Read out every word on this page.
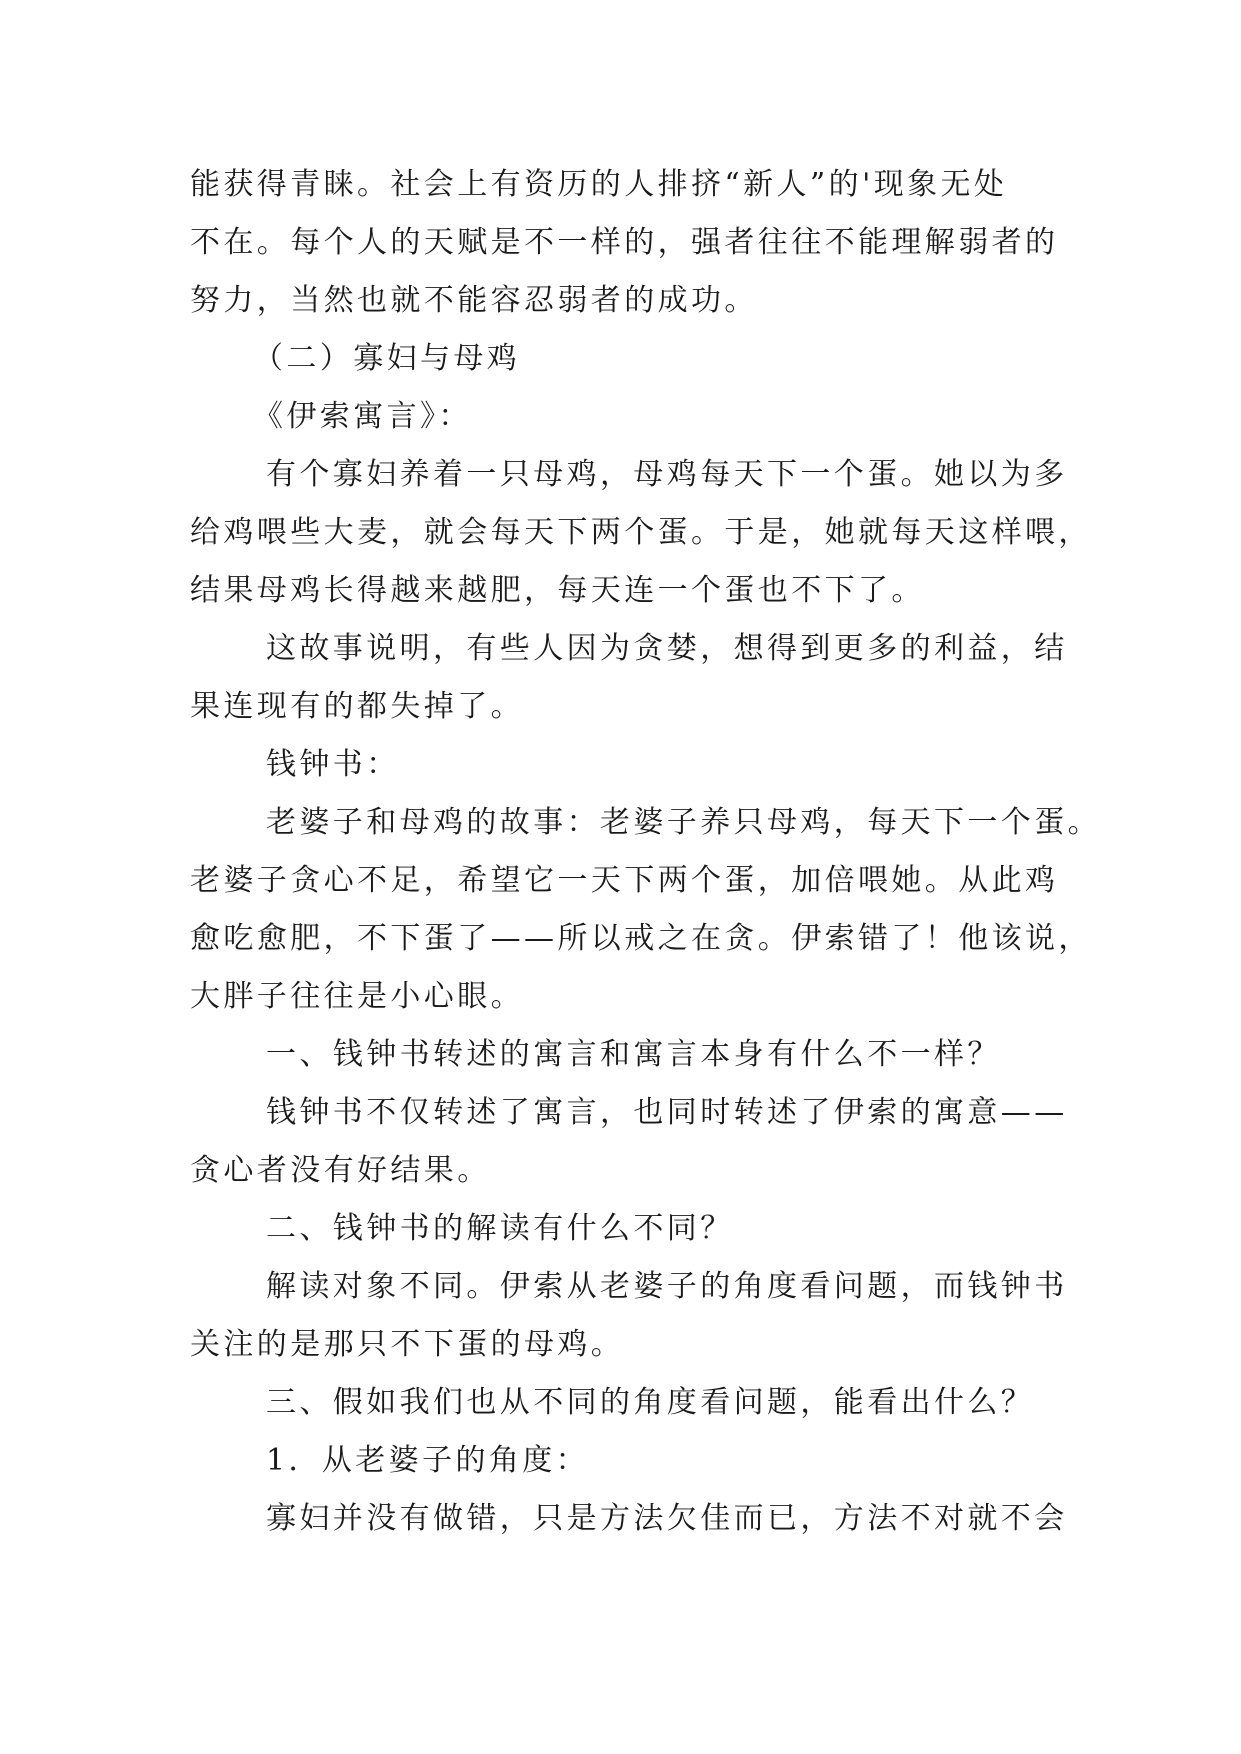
能获得青睐。社会上有资历的人排挤“新人”的'现象无处
不在。每个人的天赋是不一样的，强者往往不能理解弱者的
努力，当然也就不能容忍弱者的成功。
（二）寡妇与母鸡
《伊索寓言》：
有个寡妇养着一只母鸡，母鸡每天下一个蛋。她以为多
给鸡喂些大麦，就会每天下两个蛋。于是，她就每天这样喂，
结果母鸡长得越来越肥，每天连一个蛋也不下了。
这故事说明，有些人因为贪婪，想得到更多的利益，结
果连现有的都失掉了。
钱钟书：
老婆子和母鸡的故事：老婆子养只母鸡，每天下一个蛋。
老婆子贪心不足，希望它一天下两个蛋，加倍喂她。从此鸡
愈吃愈肥，不下蛋了——所以戒之在贪。伊索错了！他该说，
大胖子往往是小心眼。
一、钱钟书转述的寓言和寓言本身有什么不一样？
钱钟书不仅转述了寓言，也同时转述了伊索的寓意——
贪心者没有好结果。
二、钱钟书的解读有什么不同？
解读对象不同。伊索从老婆子的角度看问题，而钱钟书
关注的是那只不下蛋的母鸡。
三、假如我们也从不同的角度看问题，能看出什么？
1．从老婆子的角度：
寡妇并没有做错，只是方法欠佳而已，方法不对就不会
